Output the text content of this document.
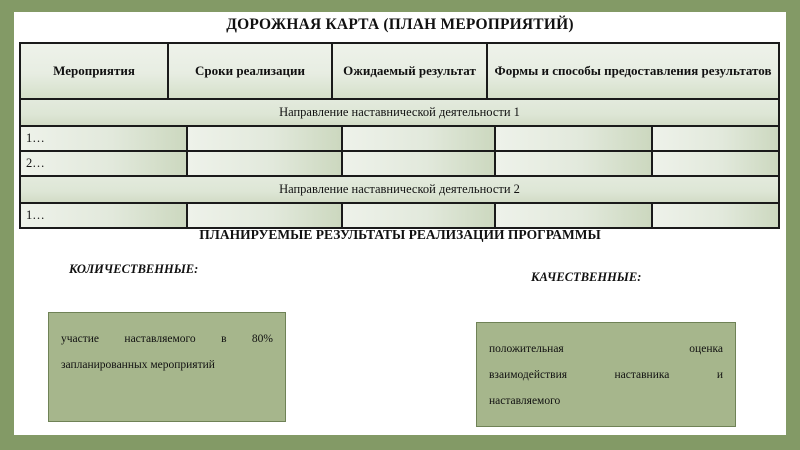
ДОРОЖНАЯ КАРТА (ПЛАН МЕРОПРИЯТИЙ)
Мероприятия	Сроки реализации	Ожидаемый результат	Формы и способы предоставления результатов
Направление наставнической деятельности 1
1…
2…
Направление наставнической деятельности 2
1…
ПЛАНИРУЕМЫЕ РЕЗУЛЬТАТЫ РЕАЛИЗАЦИИ ПРОГРАММЫ
КОЛИЧЕСТВЕННЫЕ:
КАЧЕСТВЕННЫЕ:

участие наставляемого в 80%

запланированных мероприятий

положительная оценка

взаимодействия наставника и

наставляемого
